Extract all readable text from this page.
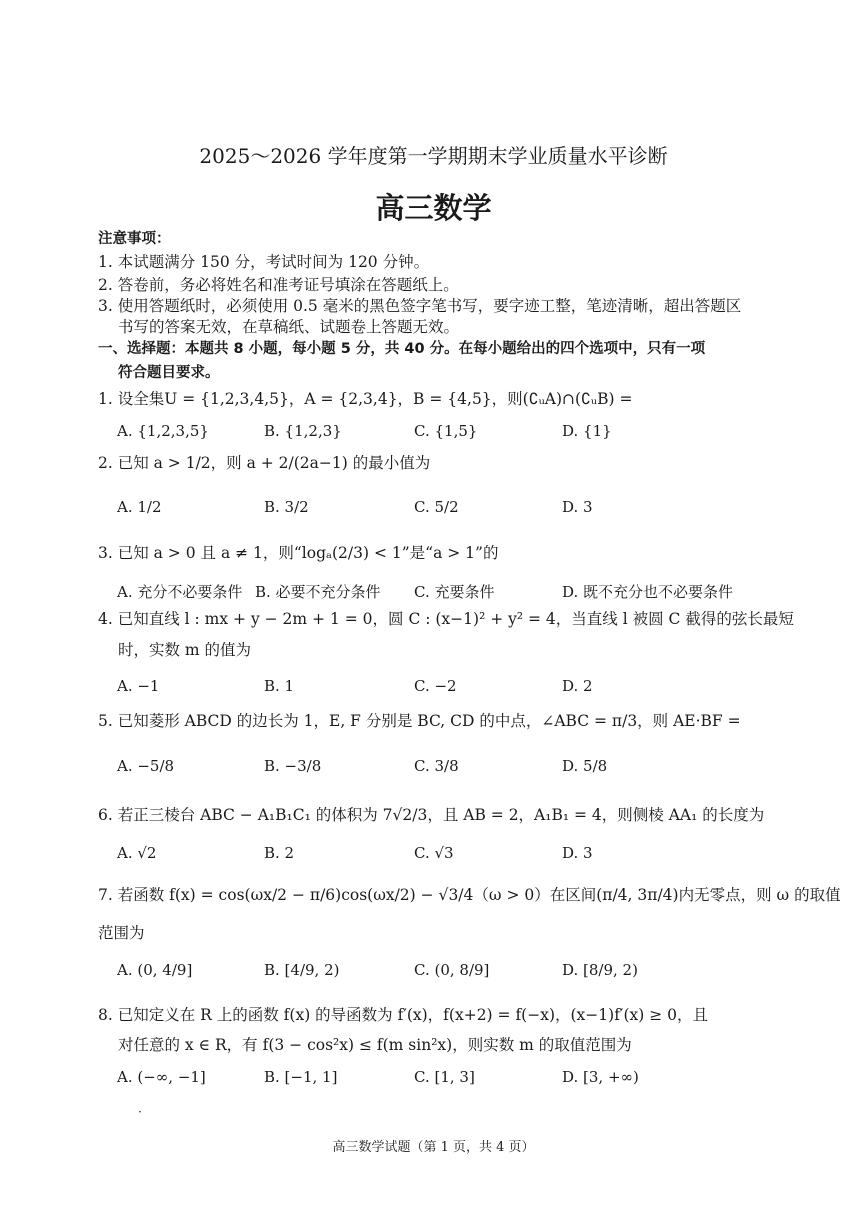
2025～2026 学年度第一学期期末学业质量水平诊断
高三数学
注意事项：
1. 本试题满分 150 分，考试时间为 120 分钟。
2. 答卷前，务必将姓名和准考证号填涂在答题纸上。
3. 使用答题纸时，必须使用 0.5 毫米的黑色签字笔书写，要字迹工整，笔迹清晰，超出答题区
书写的答案无效，在草稿纸、试题卷上答题无效。
一、选择题：本题共 8 小题，每小题 5 分，共 40 分。在每小题给出的四个选项中，只有一项
符合题目要求。
1. 设全集U = {1,2,3,4,5}，A = {2,3,4}，B = {4,5}，则(∁ᵤA)∩(∁ᵤB) =
A. {1,2,3,5}	B. {1,2,3}	C. {1,5}	D. {1}
2. 已知 a > 1/2，则 a + 2/(2a−1) 的最小值为
A. 1/2	B. 3/2	C. 5/2	D. 3
3. 已知 a > 0 且 a ≠ 1，则“logₐ(2/3) < 1”是“a > 1”的
A. 充分不必要条件 B. 必要不充分条件 C. 充要条件	D. 既不充分也不必要条件
4. 已知直线 l : mx + y − 2m + 1 = 0，圆 C : (x−1)² + y² = 4，当直线 l 被圆 C 截得的弦长最短
时，实数 m 的值为
A. −1	B. 1	C. −2	D. 2
5. 已知菱形 ABCD 的边长为 1，E, F 分别是 BC, CD 的中点，∠ABC = π/3，则 AE·BF =
A. −5/8	B. −3/8	C. 3/8	D. 5/8
6. 若正三棱台 ABC − A₁B₁C₁ 的体积为 7√2/3，且 AB = 2，A₁B₁ = 4，则侧棱 AA₁ 的长度为
A. √2	B. 2	C. √3	D. 3
7. 若函数 f(x) = cos(ωx/2 − π/6)cos(ωx/2) − √3/4（ω > 0）在区间(π/4, 3π/4)内无零点，则 ω 的取值
范围为
A. (0, 4/9]	B. [4/9, 2)	C. (0, 8/9]	D. [8/9, 2)
8. 已知定义在 R 上的函数 f(x) 的导函数为 f′(x)，f(x+2) = f(−x)，(x−1)f′(x) ≥ 0，且
对任意的 x ∈ R，有 f(3 − cos²x) ≤ f(m sin²x)，则实数 m 的取值范围为
A. (−∞, −1]	B. [−1, 1]	C. [1, 3]	D. [3, +∞)
·
高三数学试题（第 1 页，共 4 页）
